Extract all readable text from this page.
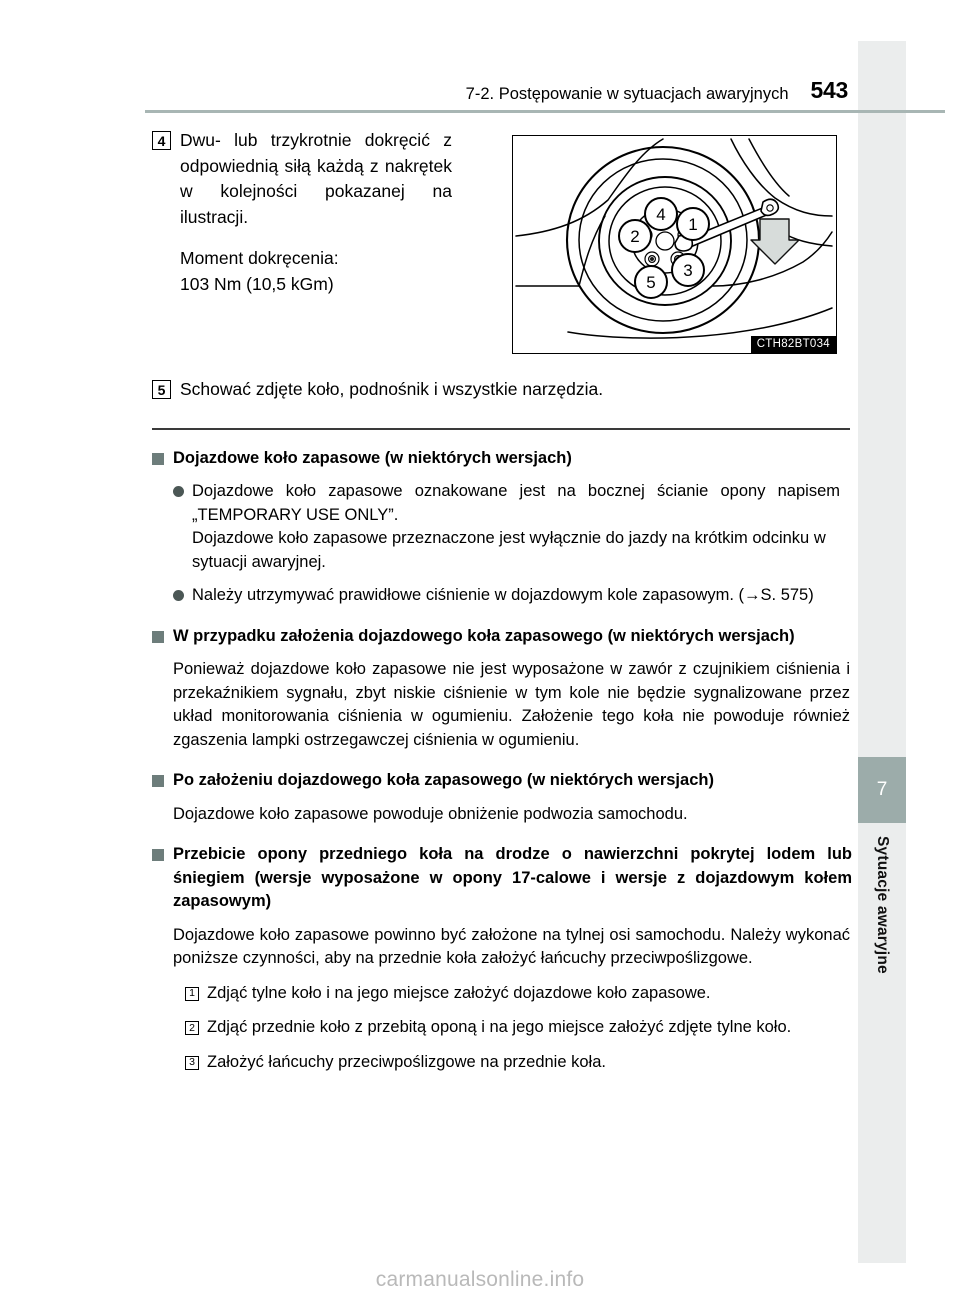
7
Sytuacje awaryjne
7-2. Postępowanie w sytuacjach awaryjnych 543
4 Dwu- lub trzykrotnie dokręcić z odpowiednią siłą każdą z nakrętek w kolejności pokazanej na ilustracji.
Moment dokręcenia:
103 Nm (10,5 kGm)
1
2
3
4
5
CTH82BT034
5 Schować zdjęte koło, podnośnik i wszystkie narzędzia.
Dojazdowe koło zapasowe (w niektórych wersjach)
Dojazdowe koło zapasowe oznakowane jest na bocznej ścianie opony napisem „TEMPORARY USE ONLY”.
Dojazdowe koło zapasowe przeznaczone jest wyłącznie do jazdy na krótkim odcinku w sytuacji awaryjnej.
Należy utrzymywać prawidłowe ciśnienie w dojazdowym kole zapasowym. (→S. 575)
W przypadku założenia dojazdowego koła zapasowego (w niektórych wersjach)
Ponieważ dojazdowe koło zapasowe nie jest wyposażone w zawór z czujnikiem ciśnienia i przekaźnikiem sygnału, zbyt niskie ciśnienie w tym kole nie będzie sygnalizowane przez układ monitorowania ciśnienia w ogumieniu. Założenie tego koła nie powoduje również zgaszenia lampki ostrzegawczej ciśnienia w ogumieniu.
Po założeniu dojazdowego koła zapasowego (w niektórych wersjach)
Dojazdowe koło zapasowe powoduje obniżenie podwozia samochodu.
Przebicie opony przedniego koła na drodze o nawierzchni pokrytej lodem lub śniegiem (wersje wyposażone w opony 17-calowe i wersje z dojazdowym kołem zapasowym)
Dojazdowe koło zapasowe powinno być założone na tylnej osi samochodu. Należy wykonać poniższe czynności, aby na przednie koła założyć łańcuchy przeciwpoślizgowe.
1 Zdjąć tylne koło i na jego miejsce założyć dojazdowe koło zapasowe.
2 Zdjąć przednie koło z przebitą oponą i na jego miejsce założyć zdjęte tylne koło.
3 Założyć łańcuchy przeciwpoślizgowe na przednie koła.
carmanualsonline.info
